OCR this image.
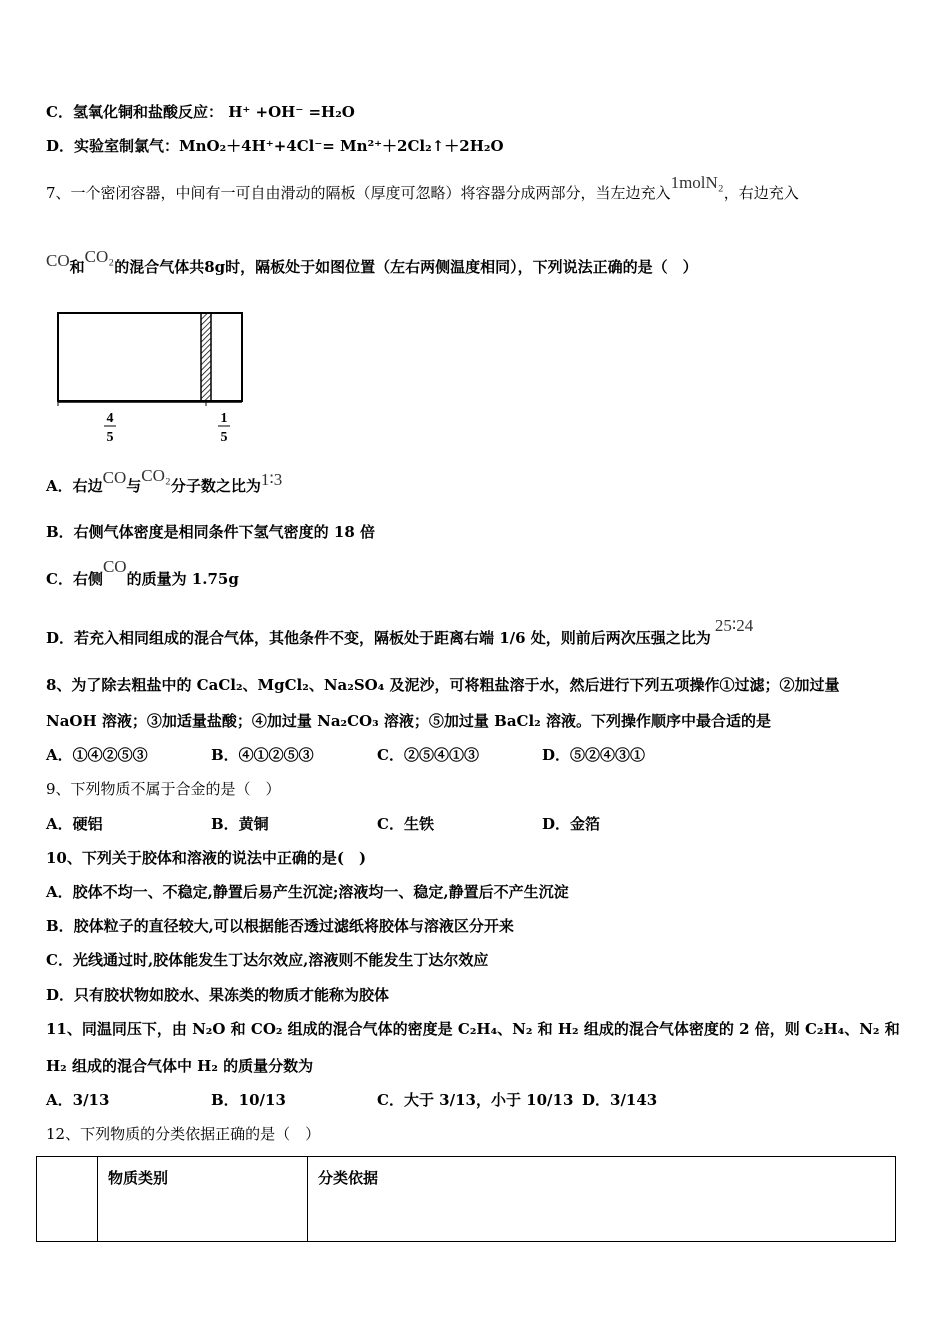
C．氢氧化铜和盐酸反应： H⁺ +OH⁻ =H₂O
D．实验室制氯气：MnO₂＋4H⁺+4Cl⁻= Mn²⁺＋2Cl₂↑＋2H₂O
7、一个密闭容器，中间有一可自由滑动的隔板（厚度可忽略）将容器分成两部分，当左边充入1molN₂，右边充入
CO和CO₂的混合气体共8g时，隔板处于如图位置（左右两侧温度相同），下列说法正确的是（　）
4
5
1
5
A．右边CO与CO₂分子数之比为1∶3
B．右侧气体密度是相同条件下氢气密度的 18 倍
C．右侧CO的质量为 1.75g
D．若充入相同组成的混合气体，其他条件不变，隔板处于距离右端 1/6 处，则前后两次压强之比为25∶24
8、为了除去粗盐中的 CaCl₂、MgCl₂、Na₂SO₄ 及泥沙，可将粗盐溶于水，然后进行下列五项操作①过滤；②加过量
NaOH 溶液；③加适量盐酸；④加过量 Na₂CO₃ 溶液；⑤加过量 BaCl₂ 溶液。下列操作顺序中最合适的是
A．①④②⑤③	B．④①②⑤③	C．②⑤④①③	D．⑤②④③①
9、下列物质不属于合金的是（　）
A．硬铝	B．黄铜	C．生铁	D．金箔
10、下列关于胶体和溶液的说法中正确的是(　)
A．胶体不均一、不稳定,静置后易产生沉淀;溶液均一、稳定,静置后不产生沉淀
B．胶体粒子的直径较大,可以根据能否透过滤纸将胶体与溶液区分开来
C．光线通过时,胶体能发生丁达尔效应,溶液则不能发生丁达尔效应
D．只有胶状物如胶水、果冻类的物质才能称为胶体
11、同温同压下，由 N₂O 和 CO₂ 组成的混合气体的密度是 C₂H₄、N₂ 和 H₂ 组成的混合气体密度的 2 倍，则 C₂H₄、N₂ 和
H₂ 组成的混合气体中 H₂ 的质量分数为
A．3/13	B．10/13	C．大于 3/13，小于 10/13 D．3/143
12、下列物质的分类依据正确的是（　）
物质类别	分类依据
